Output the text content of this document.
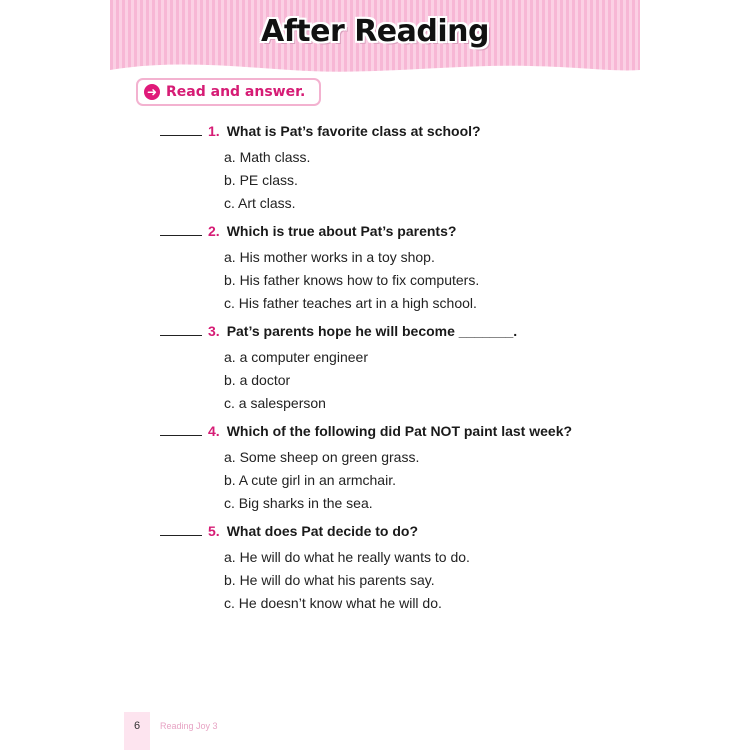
After Reading
➜ Read and answer.
1. What is Pat’s favorite class at school?
a. Math class.
b. PE class.
c. Art class.
2. Which is true about Pat’s parents?
a. His mother works in a toy shop.
b. His father knows how to fix computers.
c. His father teaches art in a high school.
3. Pat’s parents hope he will become _______.
a. a computer engineer
b. a doctor
c. a salesperson
4. Which of the following did Pat NOT paint last week?
a. Some sheep on green grass.
b. A cute girl in an armchair.
c. Big sharks in the sea.
5. What does Pat decide to do?
a. He will do what he really wants to do.
b. He will do what his parents say.
c. He doesn’t know what he will do.
6	Reading Joy 3
